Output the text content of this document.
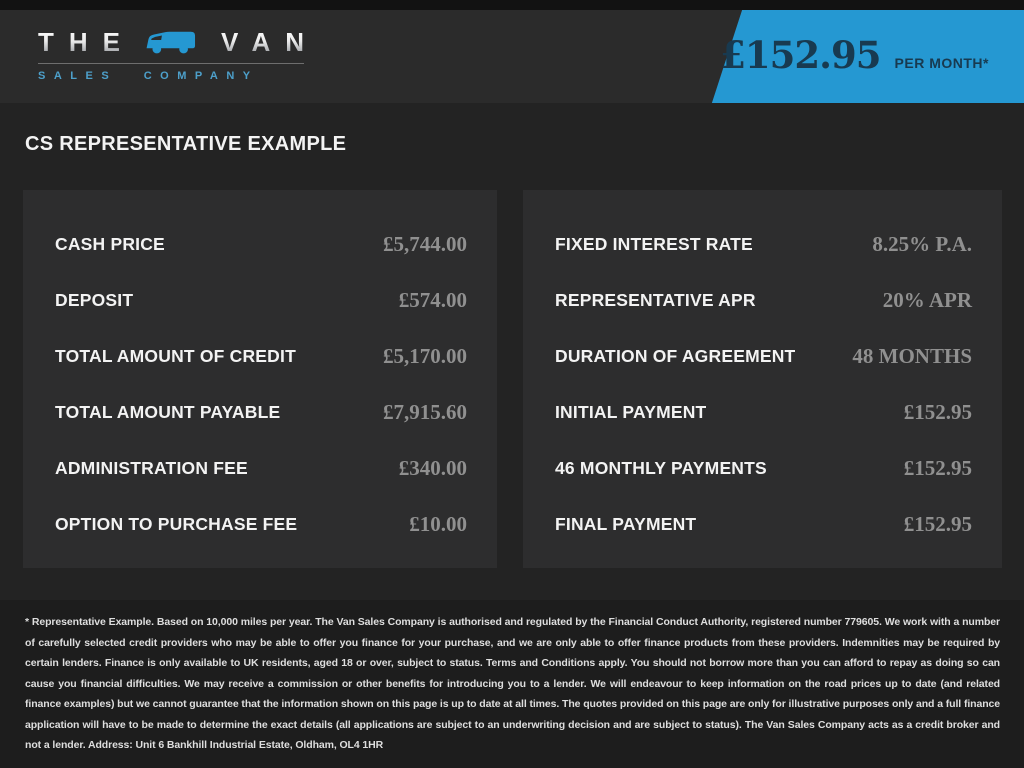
THE	VAN
SALES COMPANY	£152.95 PER MONTH*
CS REPRESENTATIVE EXAMPLE
CASH PRICE	£5,744.00
DEPOSIT	£574.00
TOTAL AMOUNT OF CREDIT	£5,170.00
TOTAL AMOUNT PAYABLE	£7,915.60
ADMINISTRATION FEE	£340.00
OPTION TO PURCHASE FEE	£10.00
FIXED INTEREST RATE	8.25% P.A.
REPRESENTATIVE APR	20% APR
DURATION OF AGREEMENT	48 MONTHS
INITIAL PAYMENT	£152.95
46 MONTHLY PAYMENTS	£152.95
FINAL PAYMENT	£152.95

* Representative Example. Based on 10,000 miles per year. The Van Sales Company is authorised and regulated by the Financial Conduct Authority, registered number 779605. We work with a number of carefully selected credit providers who may be able to offer you finance for your purchase, and we are only able to offer finance products from these providers. Indemnities may be required by certain lenders. Finance is only available to UK residents, aged 18 or over, subject to status. Terms and Conditions apply. You should not borrow more than you can afford to repay as doing so can cause you financial difficulties. We may receive a commission or other benefits for introducing you to a lender. We will endeavour to keep information on the road prices up to date (and related finance examples) but we cannot guarantee that the information shown on this page is up to date at all times. The quotes provided on this page are only for illustrative purposes only and a full finance application will have to be made to determine the exact details (all applications are subject to an underwriting decision and are subject to status). The Van Sales Company acts as a credit broker and not a lender. Address: Unit 6 Bankhill Industrial Estate, Oldham, OL4 1HR
